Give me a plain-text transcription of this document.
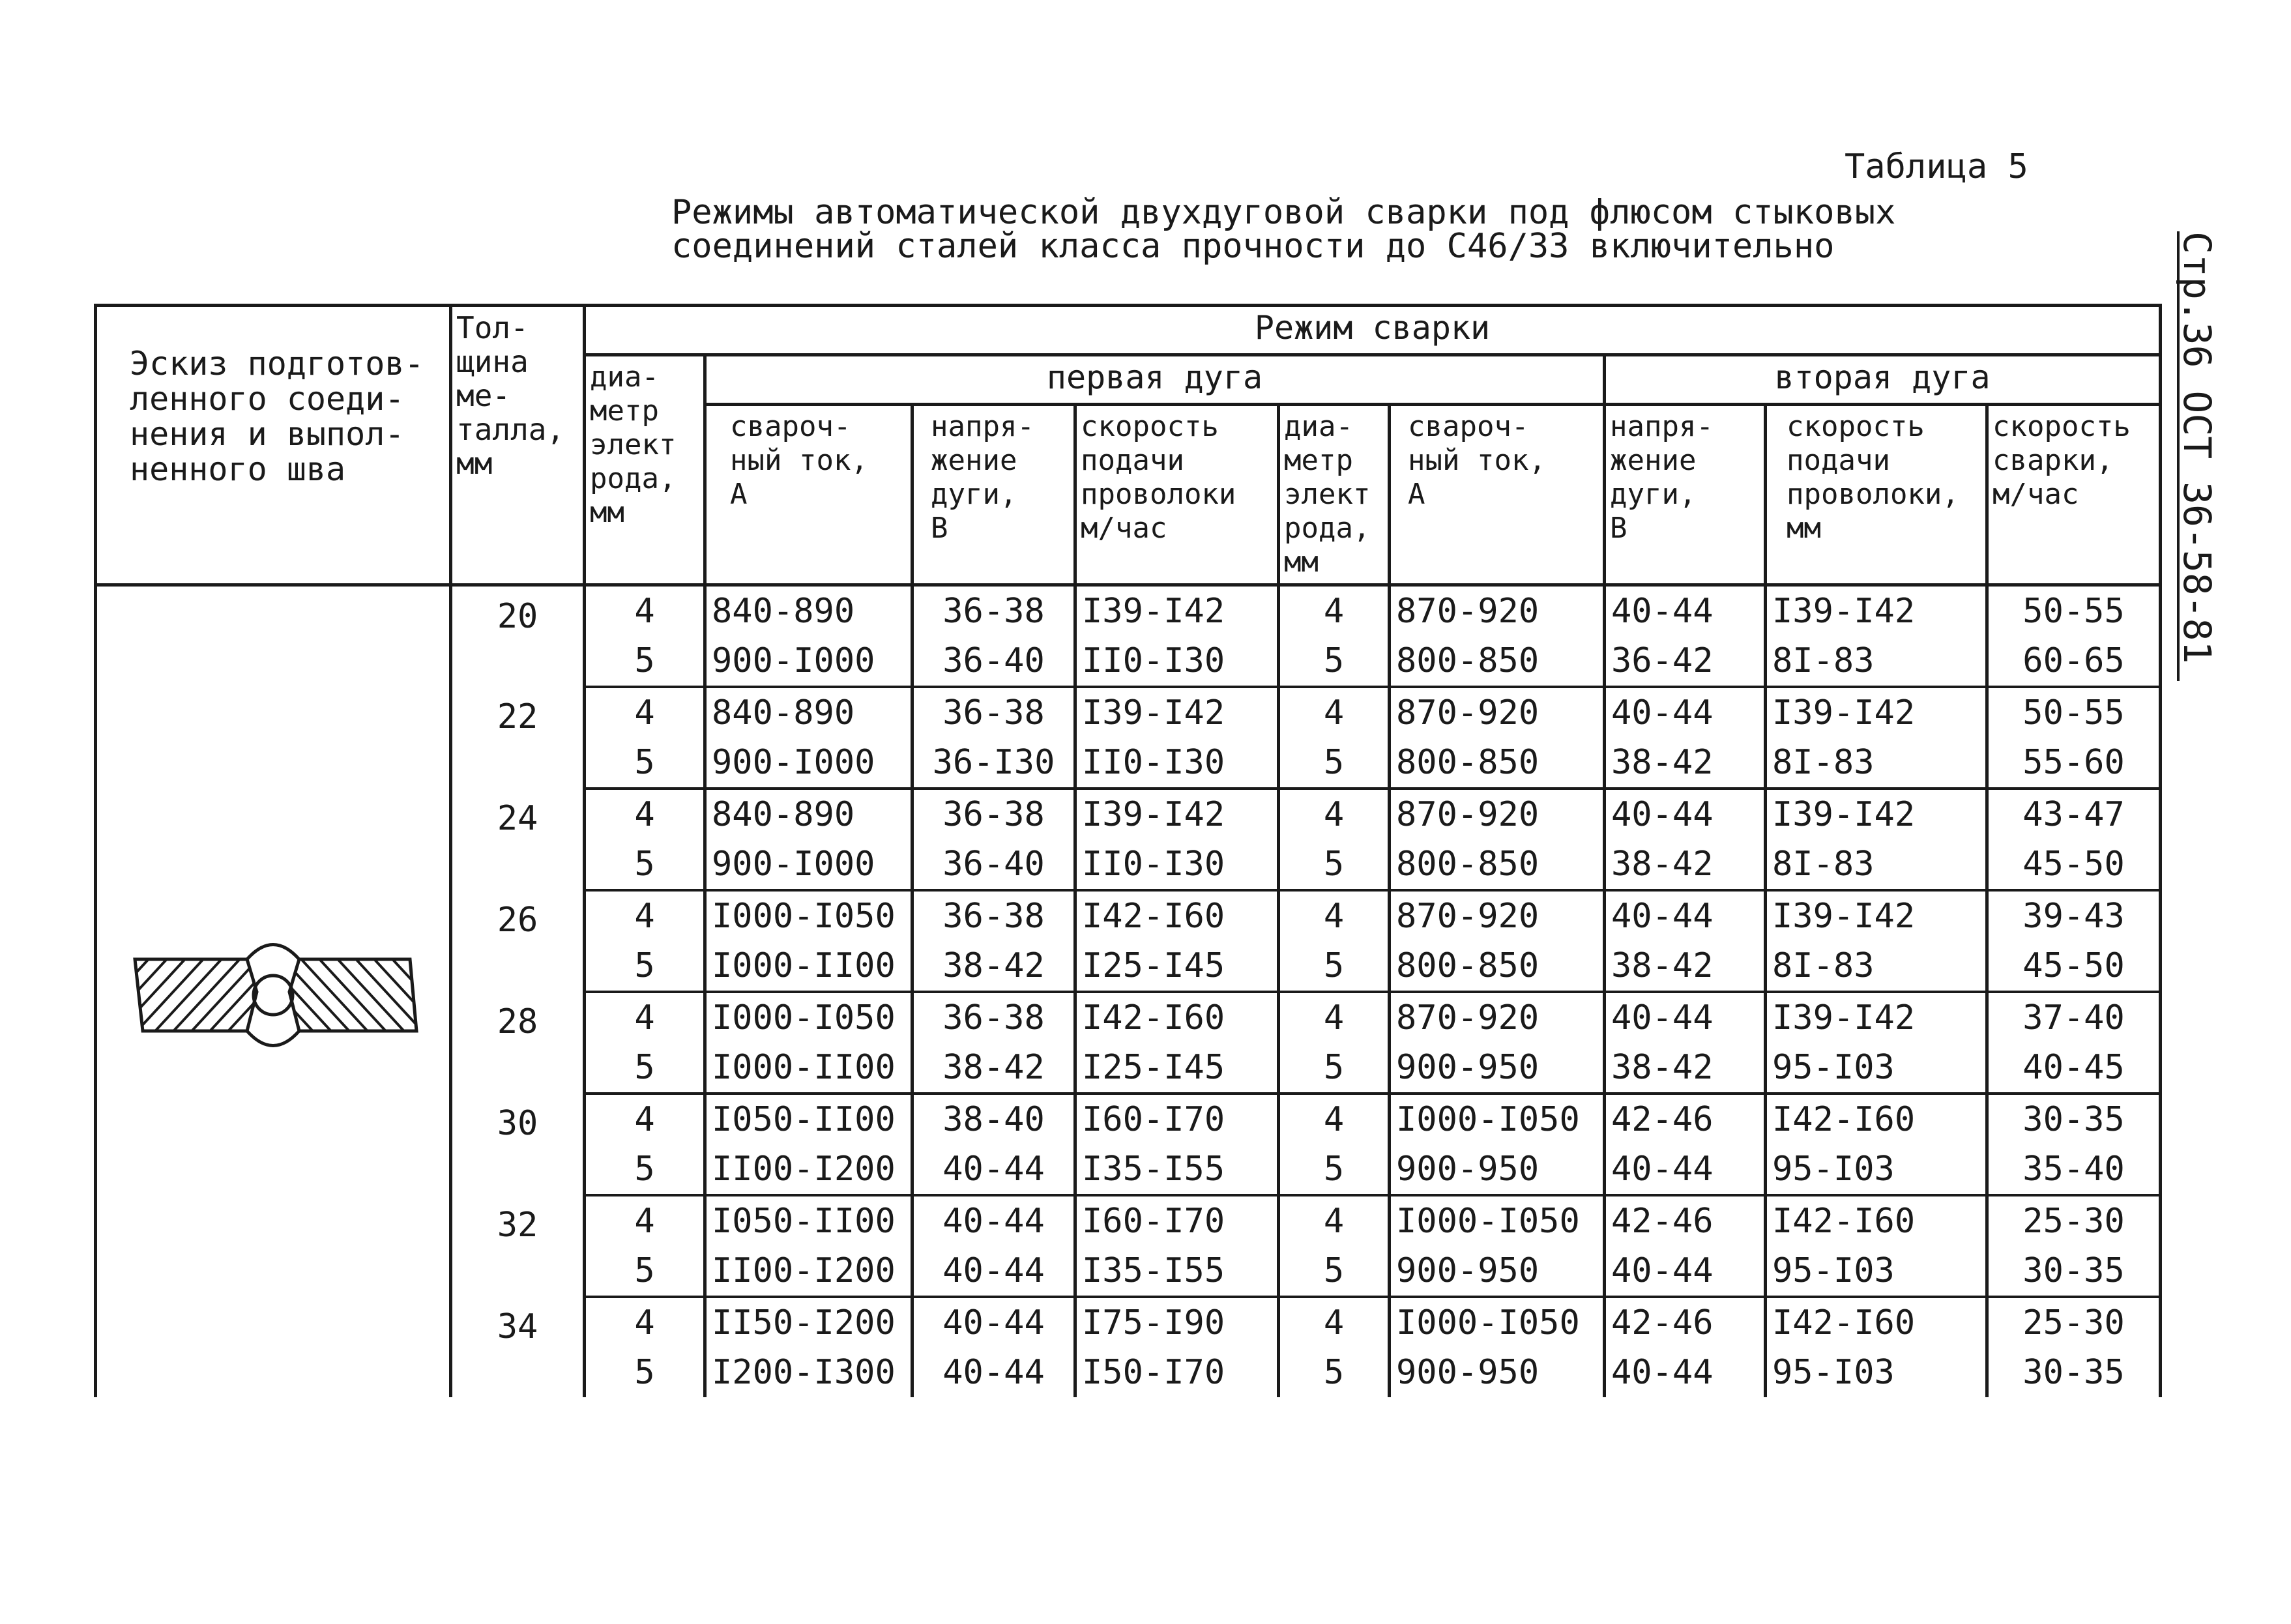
Таблица 5
Режимы автоматической двухдуговой сварки под флюсом стыковых
соединений сталей класса прочности до С46/33 включительно	Стр.36 ОСТ 36-58-81
Эскиз подготов-
ленного соеди-
нения и выпол-
ненного шва	Тол-
щина
ме-
талла,
мм	Режим сварки								
		диа-
метр
элект
рода,
мм	первая дуга					вторая дуга		
			свароч-
ный ток,
А	напря-
жение
дуги,
В	скорость
подачи
проволоки
м/час	диа-
метр
элект
рода,
мм	свароч-
ный ток,
А	напря-
жение
дуги,
В	скорость
подачи
проволоки,
мм	скорость
сварки,
м/час

	20	4	840-890	36-38	I39-I42	4	870-920	40-44	I39-I42	50-55
		5	900-I000	36-40	II0-I30	5	800-850	36-42	8I-83	60-65
	22	4	840-890	36-38	I39-I42	4	870-920	40-44	I39-I42	50-55
		5	900-I000	36-I30	II0-I30	5	800-850	38-42	8I-83	55-60
	24	4	840-890	36-38	I39-I42	4	870-920	40-44	I39-I42	43-47
		5	900-I000	36-40	II0-I30	5	800-850	38-42	8I-83	45-50
	26	4	I000-I050	36-38	I42-I60	4	870-920	40-44	I39-I42	39-43
		5	I000-II00	38-42	I25-I45	5	800-850	38-42	8I-83	45-50
	28	4	I000-I050	36-38	I42-I60	4	870-920	40-44	I39-I42	37-40
		5	I000-II00	38-42	I25-I45	5	900-950	38-42	95-I03	40-45
	30	4	I050-II00	38-40	I60-I70	4	I000-I050	42-46	I42-I60	30-35
		5	II00-I200	40-44	I35-I55	5	900-950	40-44	95-I03	35-40
	32	4	I050-II00	40-44	I60-I70	4	I000-I050	42-46	I42-I60	25-30
		5	II00-I200	40-44	I35-I55	5	900-950	40-44	95-I03	30-35
	34	4	II50-I200	40-44	I75-I90	4	I000-I050	42-46	I42-I60	25-30
		5	I200-I300	40-44	I50-I70	5	900-950	40-44	95-I03	30-35
